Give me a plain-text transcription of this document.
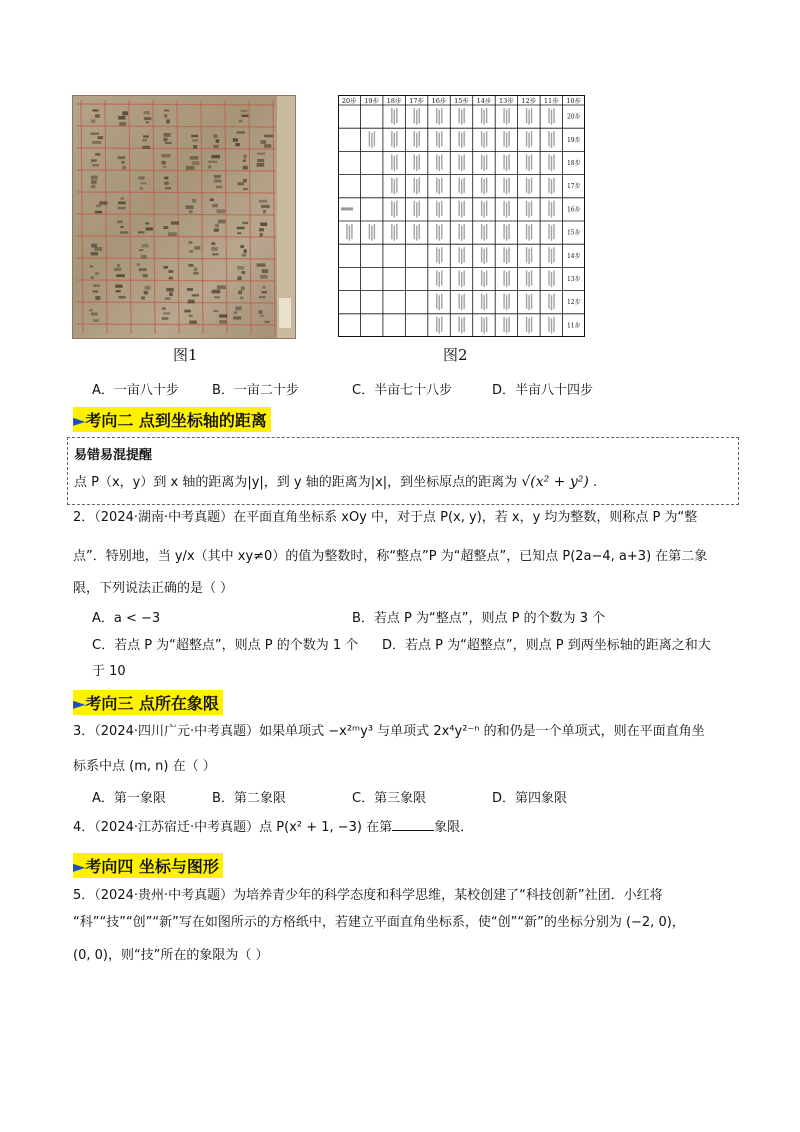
20步 19步 18步 17步 16步 15步 14步 13步 12步 11步 10步
20步
19步
18步
17步
16步
15步
14步
13步
12步
11步
图1	图2
A．一亩八十步	B．一亩二十步	C．半亩七十八步	D．半亩八十四步
►考向二 点到坐标轴的距离
易错易混提醒
点 P（x，y）到 x 轴的距离为|y|，到 y 轴的距离为|x|，到坐标原点的距离为 √(x² + y²) .
2．（2024·湖南·中考真题）在平面直角坐标系 xOy 中，对于点 P(x, y)，若 x，y 均为整数，则称点 P 为“整
点”．特别地，当 y/x（其中 xy≠0）的值为整数时，称“整点”P 为“超整点”，已知点 P(2a−4, a+3) 在第二象
限，下列说法正确的是（ ）
A．a < −3	B．若点 P 为“整点”，则点 P 的个数为 3 个
C．若点 P 为“超整点”，则点 P 的个数为 1 个 D．若点 P 为“超整点”，则点 P 到两坐标轴的距离之和大
于 10
►考向三 点所在象限
3．（2024·四川广元·中考真题）如果单项式 −x²ᵐy³ 与单项式 2x⁴y²⁻ⁿ 的和仍是一个单项式，则在平面直角坐
标系中点 (m, n) 在（ ）
A．第一象限	B．第二象限	C．第三象限	D．第四象限
4．（2024·江苏宿迁·中考真题）点 P(x² + 1, −3) 在第	象限．
►考向四 坐标与图形
5．（2024·贵州·中考真题）为培养青少年的科学态度和科学思维，某校创建了“科技创新”社团．小红将
“科”“技”“创”“新”写在如图所示的方格纸中，若建立平面直角坐标系，使“创”“新”的坐标分别为 (−2, 0)，
(0, 0)，则“技”所在的象限为（ ）
